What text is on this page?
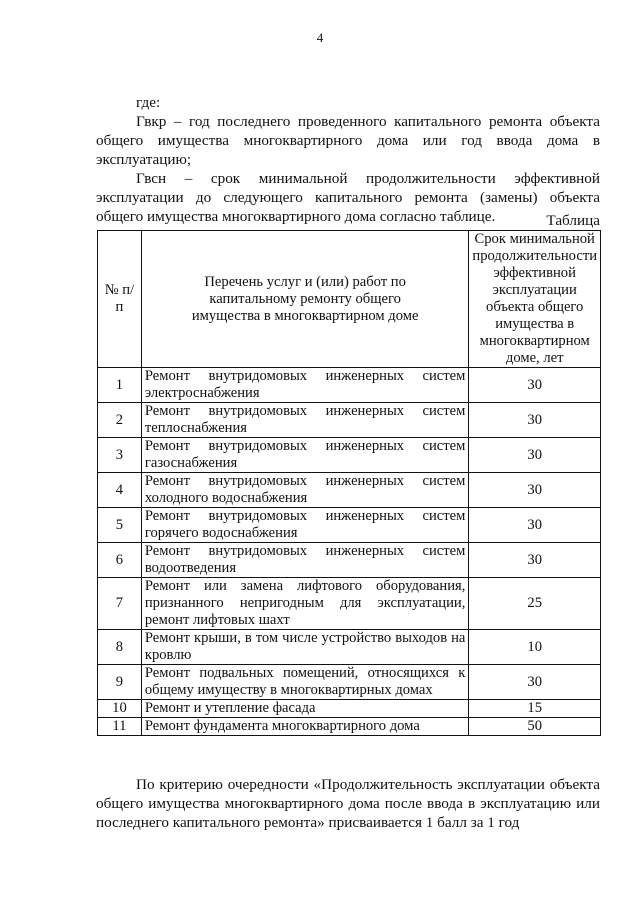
4
где:
Гвкр – год последнего проведенного капитального ремонта объекта общего имущества многоквартирного дома или год ввода дома в эксплуатацию;
Гвсн – срок минимальной продолжительности эффективной эксплуатации до следующего капитального ремонта (замены) объекта общего имущества многоквартирного дома согласно таблице.	Таблица
№ п/п	Перечень услуг и (или) работ по капитальному ремонту общего имущества в многоквартирном доме	Срок минимальной продолжительности эффективной эксплуатации объекта общего имущества в многоквартирном доме, лет
1	Ремонт внутридомовых инженерных систем электроснабжения	30
2	Ремонт внутридомовых инженерных систем теплоснабжения	30
3	Ремонт внутридомовых инженерных систем газоснабжения	30
4	Ремонт внутридомовых инженерных систем холодного водоснабжения	30
5	Ремонт внутридомовых инженерных систем горячего водоснабжения	30
6	Ремонт внутридомовых инженерных систем водоотведения	30
7	Ремонт или замена лифтового оборудования, признанного непригодным для эксплуатации, ремонт лифтовых шахт	25
8	Ремонт крыши, в том числе устройство выходов на кровлю	10
9	Ремонт подвальных помещений, относящихся к общему имуществу в многоквартирных домах	30
10	Ремонт и утепление фасада	15
11	Ремонт фундамента многоквартирного дома	50
По критерию очередности «Продолжительность эксплуатации объекта общего имущества многоквартирного дома после ввода в эксплуатацию или последнего капитального ремонта» присваивается 1 балл за 1 год
